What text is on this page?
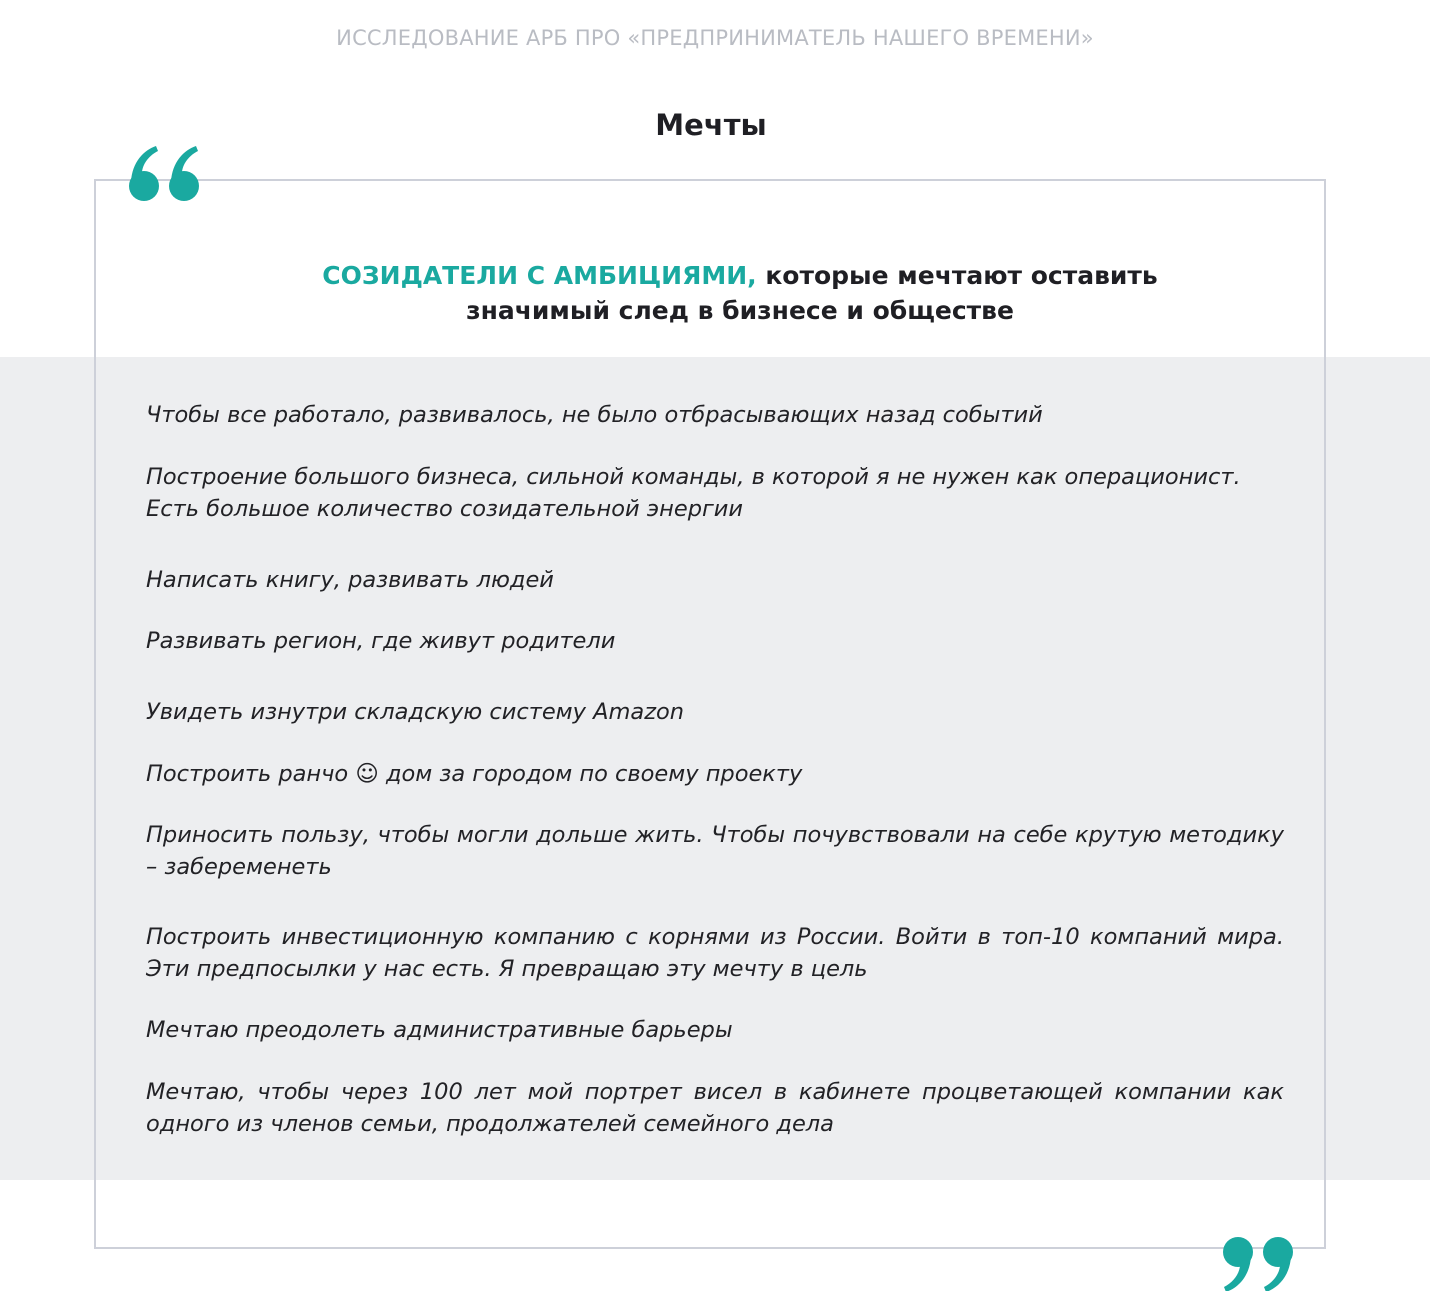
ИССЛЕДОВАНИЕ АРБ ПРО «ПРЕДПРИНИМАТЕЛЬ НАШЕГО ВРЕМЕНИ»
Мечты
СОЗИДАТЕЛИ С АМБИЦИЯМИ, которые мечтают оставить
значимый след в бизнесе и обществе
Чтобы все работало, развивалось, не было отбрасывающих назад событий
Построение большого бизнеса, сильной команды, в которой я не нужен как операционист. Есть большое количество созидательной энергии
Написать книгу, развивать людей
Развивать регион, где живут родители
Увидеть изнутри складскую систему Amazon
Построить ранчо ☺ дом за городом по своему проекту
Приносить пользу, чтобы могли дольше жить. Чтобы почувствовали на себе крутую методику – забеременеть
Построить инвестиционную компанию с корнями из России. Войти в топ-10 компаний мира. Эти предпосылки у нас есть. Я превращаю эту мечту в цель
Мечтаю преодолеть административные барьеры
Мечтаю, чтобы через 100 лет мой портрет висел в кабинете процветающей компании как одного из членов семьи, продолжателей семейного дела
